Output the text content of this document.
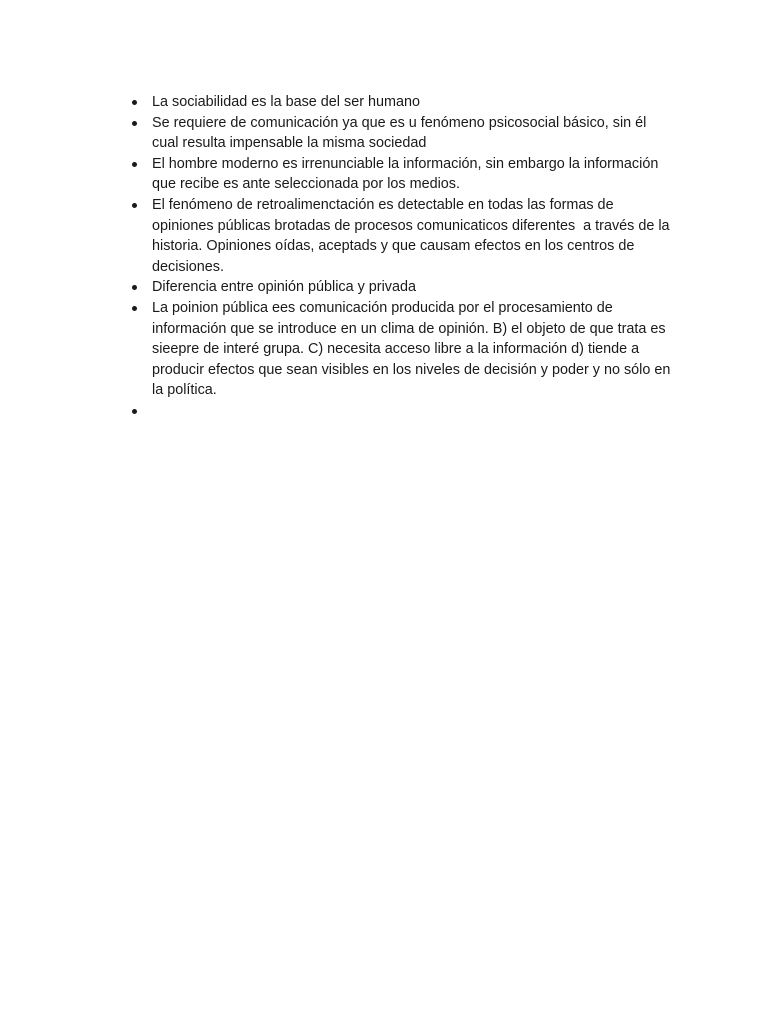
La sociabilidad es la base del ser humano
Se requiere de comunicación ya que es u fenómeno psicosocial básico, sin él cual resulta impensable la misma sociedad
El hombre moderno es irrenunciable la información, sin embargo la información que recibe es ante seleccionada por los medios.
El fenómeno de retroalimenctación es detectable en todas las formas de opiniones públicas brotadas de procesos comunicaticos diferentes  a través de la historia. Opiniones oídas, aceptads y que causam efectos en los centros de decisiones.
Diferencia entre opinión pública y privada
La poinion pública ees comunicación producida por el procesamiento de información que se introduce en un clima de opinión. B) el objeto de que trata es sieepre de interé grupa. C) necesita acceso libre a la información d) tiende a producir efectos que sean visibles en los niveles de decisión y poder y no sólo en la política.
